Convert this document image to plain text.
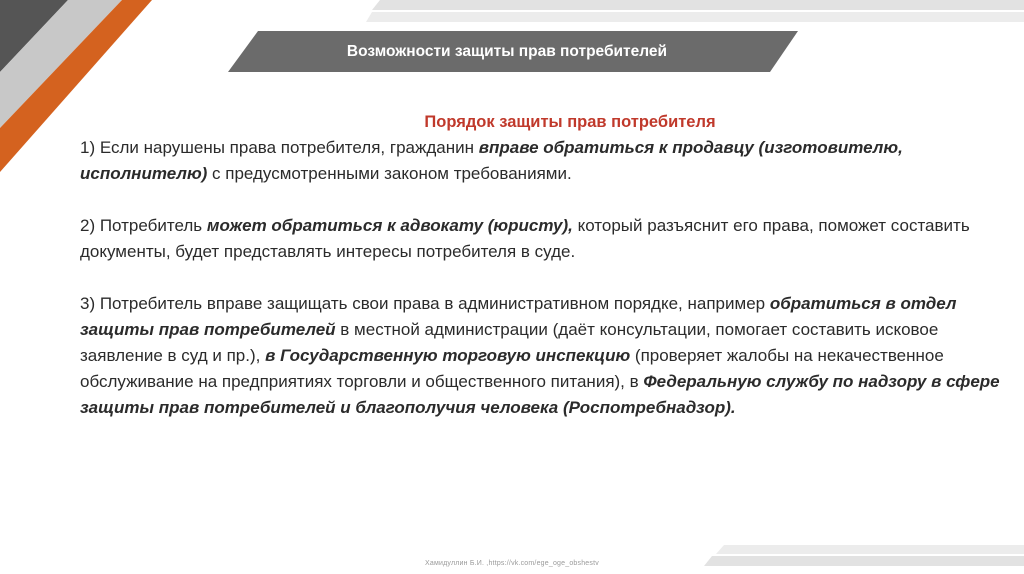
Возможности защиты прав потребителей
Порядок защиты прав потребителя

1) Если нарушены права потребителя, гражданин вправе обратиться к продавцу (изготовителю, исполнителю) с предусмотренными законом требованиями.

2) Потребитель может обратиться к адвокату (юристу), который разъяснит его права, поможет составить документы, будет представлять интересы потребителя в суде.

3) Потребитель вправе защищать свои права в административном порядке, например обратиться в отдел защиты прав потребителей в местной администрации (даёт консультации, помогает составить исковое заявление в суд и пр.), в Государственную торговую инспекцию (проверяет жалобы на некачественное обслуживание на предприятиях торговли и общественного питания), в Федеральную службу по надзору в сфере защиты прав потребителей и благополучия человека (Роспотребнадзор).

Хамидуллин Б.И. ,https://vk.com/ege_oge_obshestv
